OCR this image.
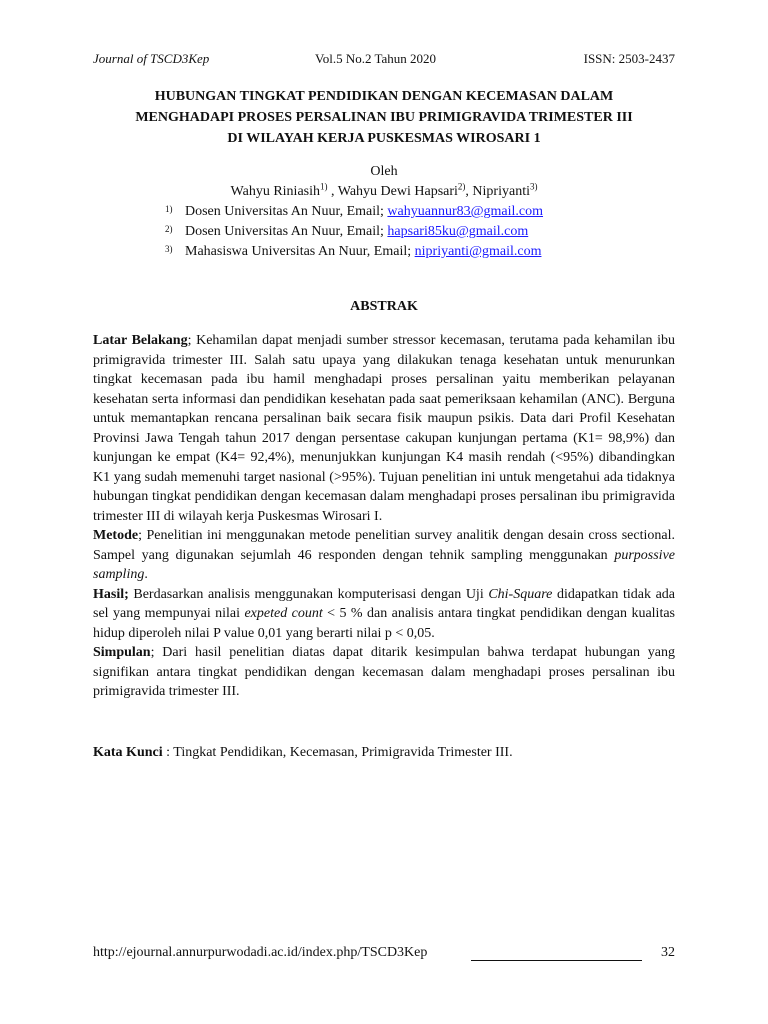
Journal of TSCD3Kep	Vol.5 No.2 Tahun 2020	ISSN: 2503-2437
HUBUNGAN TINGKAT PENDIDIKAN DENGAN KECEMASAN DALAM
MENGHADAPI PROSES PERSALINAN IBU PRIMIGRAVIDA TRIMESTER III
DI WILAYAH KERJA PUSKESMAS WIROSARI 1
Oleh
Wahyu Riniasih$^{1)}$ , Wahyu Dewi Hapsari$^{2)}$, Nipriyanti$^{3)}$
1) Dosen Universitas An Nuur, Email; wahyuannur83@gmail.com
2) Dosen Universitas An Nuur, Email; hapsari85ku@gmail.com
3) Mahasiswa Universitas An Nuur, Email; nipriyanti@gmail.com
ABSTRAK

Latar Belakang; Kehamilan dapat menjadi sumber stressor kecemasan, terutama pada kehamilan ibu primigravida trimester III. Salah satu upaya yang dilakukan tenaga kesehatan untuk menurunkan tingkat kecemasan pada ibu hamil menghadapi proses persalinan yaitu memberikan pelayanan kesehatan serta informasi dan pendidikan kesehatan pada saat pemeriksaan kehamilan (ANC). Berguna untuk memantapkan rencana persalinan baik secara fisik maupun psikis. Data dari Profil Kesehatan Provinsi Jawa Tengah tahun 2017 dengan persentase cakupan kunjungan pertama (K1= 98,9%) dan kunjungan ke empat (K4= 92,4%), menunjukkan kunjungan K4 masih rendah (<95%) dibandingkan K1 yang sudah memenuhi target nasional (>95%). Tujuan penelitian ini untuk mengetahui ada tidaknya hubungan tingkat pendidikan dengan kecemasan dalam menghadapi proses persalinan ibu primigravida trimester III di wilayah kerja Puskesmas Wirosari I.

Metode; Penelitian ini menggunakan metode penelitian survey analitik dengan desain cross sectional. Sampel yang digunakan sejumlah 46 responden dengan tehnik sampling menggunakan purpossive sampling.

Hasil; Berdasarkan analisis menggunakan komputerisasi dengan Uji Chi-Square didapatkan tidak ada sel yang mempunyai nilai expeted count < 5 % dan analisis antara tingkat pendidikan dengan kualitas hidup diperoleh nilai P value 0,01 yang berarti nilai p < 0,05.

Simpulan; Dari hasil penelitian diatas dapat ditarik kesimpulan bahwa terdapat hubungan yang signifikan antara tingkat pendidikan dengan kecemasan dalam menghadapi proses persalinan ibu primigravida trimester III.

Kata Kunci : Tingkat Pendidikan, Kecemasan, Primigravida Trimester III.
http://ejournal.annurpurwodadi.ac.id/index.php/TSCD3Kep	32
